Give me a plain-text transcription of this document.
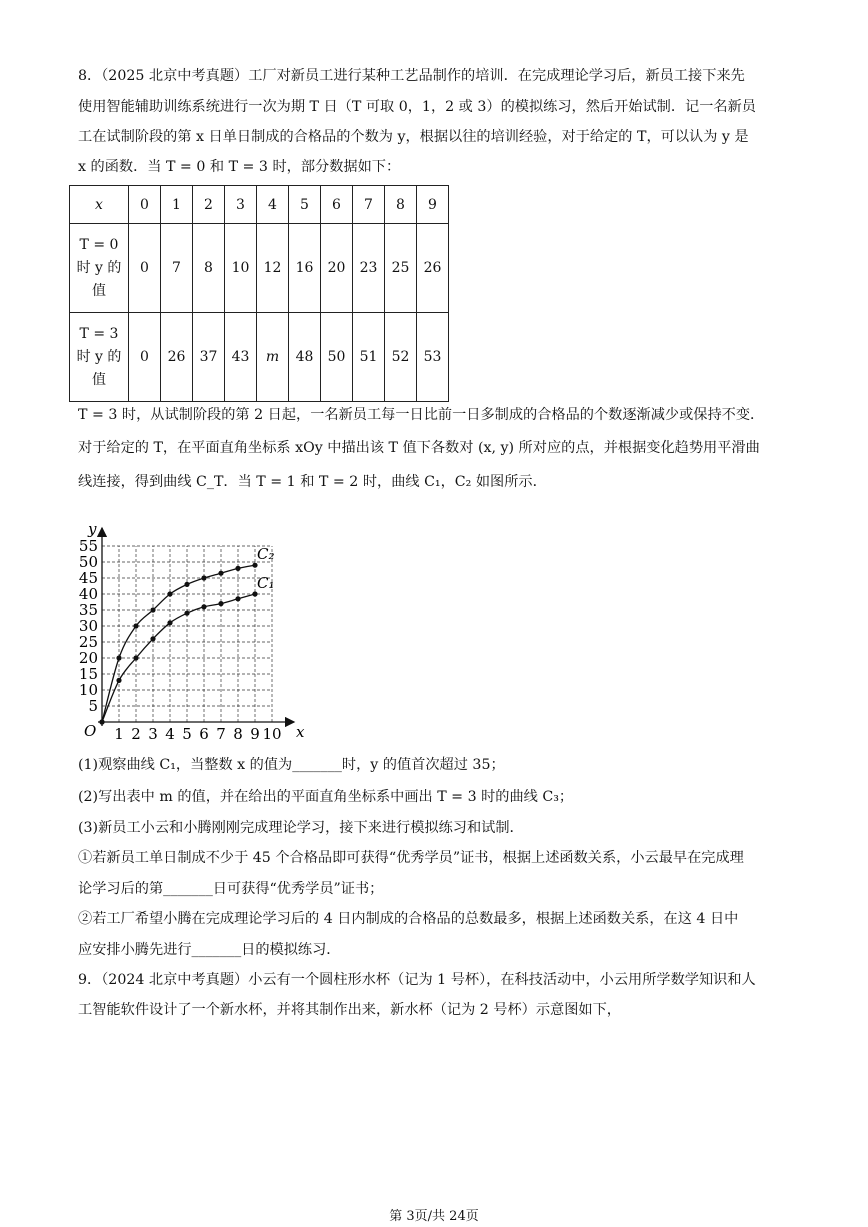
8．（2025 北京中考真题）工厂对新员工进行某种工艺品制作的培训．在完成理论学习后，新员工接下来先
使用智能辅助训练系统进行一次为期 T 日（T 可取 0，1，2 或 3）的模拟练习，然后开始试制．记一名新员
工在试制阶段的第 x 日单日制成的合格品的个数为 y，根据以往的培训经验，对于给定的 T，可以认为 y 是
x 的函数．当 T = 0 和 T = 3 时，部分数据如下：
x	0	1	2	3	4	5	6	7	8	9

T = 0
时 y 的
值	0	7	8	10	12	16	20	23	25	26

T = 3
时 y 的
值	0	26	37	43	m	48	50	51	52	53
T = 3 时，从试制阶段的第 2 日起，一名新员工每一日比前一日多制成的合格品的个数逐渐减少或保持不变．
对于给定的 T，在平面直角坐标系 xOy 中描出该 T 值下各数对 (x, y) 所对应的点，并根据变化趋势用平滑曲
线连接，得到曲线 C_T．当 T = 1 和 T = 2 时，曲线 C₁，C₂ 如图所示．
x
y
O 1 2 3 4 5 6 7 8 9 10
5
10
15
20
25
30
35
40
45
50
55	C₂
C₁
(1)观察曲线 C₁，当整数 x 的值为_______时，y 的值首次超过 35；
(2)写出表中 m 的值，并在给出的平面直角坐标系中画出 T = 3 时的曲线 C₃；
(3)新员工小云和小腾刚刚完成理论学习，接下来进行模拟练习和试制．
①若新员工单日制成不少于 45 个合格品即可获得“优秀学员”证书，根据上述函数关系，小云最早在完成理
论学习后的第_______日可获得“优秀学员”证书；
②若工厂希望小腾在完成理论学习后的 4 日内制成的合格品的总数最多，根据上述函数关系，在这 4 日中
应安排小腾先进行_______日的模拟练习．
9．（2024 北京中考真题）小云有一个圆柱形水杯（记为 1 号杯），在科技活动中，小云用所学数学知识和人
工智能软件设计了一个新水杯，并将其制作出来，新水杯（记为 2 号杯）示意图如下，
第 3页/共 24页
